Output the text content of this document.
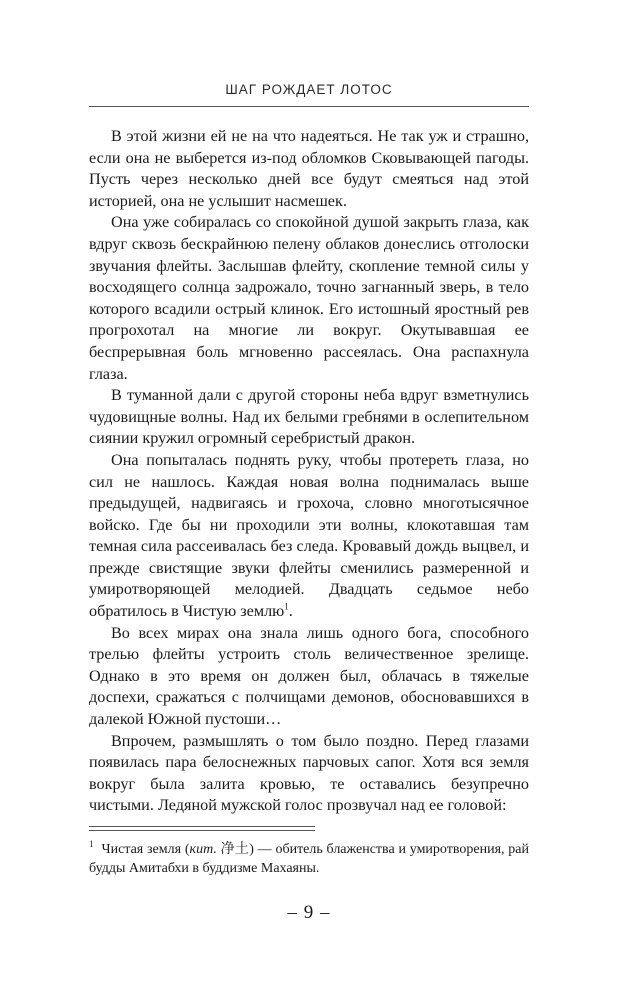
ШАГ РОЖДАЕТ ЛОТОС

В этой жизни ей не на что надеяться. Не так уж и страшно, если она не выберется из-под обломков Сковывающей пагоды. Пусть через несколько дней все будут смеяться над этой историей, она не услышит насмешек.

Она уже собиралась со спокойной душой закрыть глаза, как вдруг сквозь бескрайнюю пелену облаков донеслись отголоски звучания флейты. Заслышав флейту, скопление темной силы у восходящего солнца задрожало, точно загнанный зверь, в тело которого всадили острый клинок. Его истошный яростный рев прогрохотал на многие ли вокруг. Окутывавшая ее беспрерывная боль мгновенно рассеялась. Она распахнула глаза.

В туманной дали с другой стороны неба вдруг взметнулись чудовищные волны. Над их белыми гребнями в ослепительном сиянии кружил огромный серебристый дракон.

Она попыталась поднять руку, чтобы протереть глаза, но сил не нашлось. Каждая новая волна поднималась выше предыдущей, надвигаясь и грохоча, словно многотысячное войско. Где бы ни проходили эти волны, клокотавшая там темная сила рассеивалась без следа. Кровавый дождь выцвел, и прежде свистящие звуки флейты сменились размеренной и умиротворяющей мелодией. Двадцать седьмое небо обратилось в Чистую землю$^1$.

Во всех мирах она знала лишь одного бога, способного трелью флейты устроить столь величественное зрелище. Однако в это время он должен был, облачась в тяжелые доспехи, сражаться с полчищами демонов, обосновавшихся в далекой Южной пустоши…

Впрочем, размышлять о том было поздно. Перед глазами появилась пара белоснежных парчовых сапог. Хотя вся земля вокруг была залита кровью, те оставались безупречно чистыми. Ледяной мужской голос прозвучал над ее головой:

$^1$ Чистая земля (кит. 净土) — обитель блаженства и умиротворения, рай будды Амитабхи в буддизме Махаяны.
– 9 –
